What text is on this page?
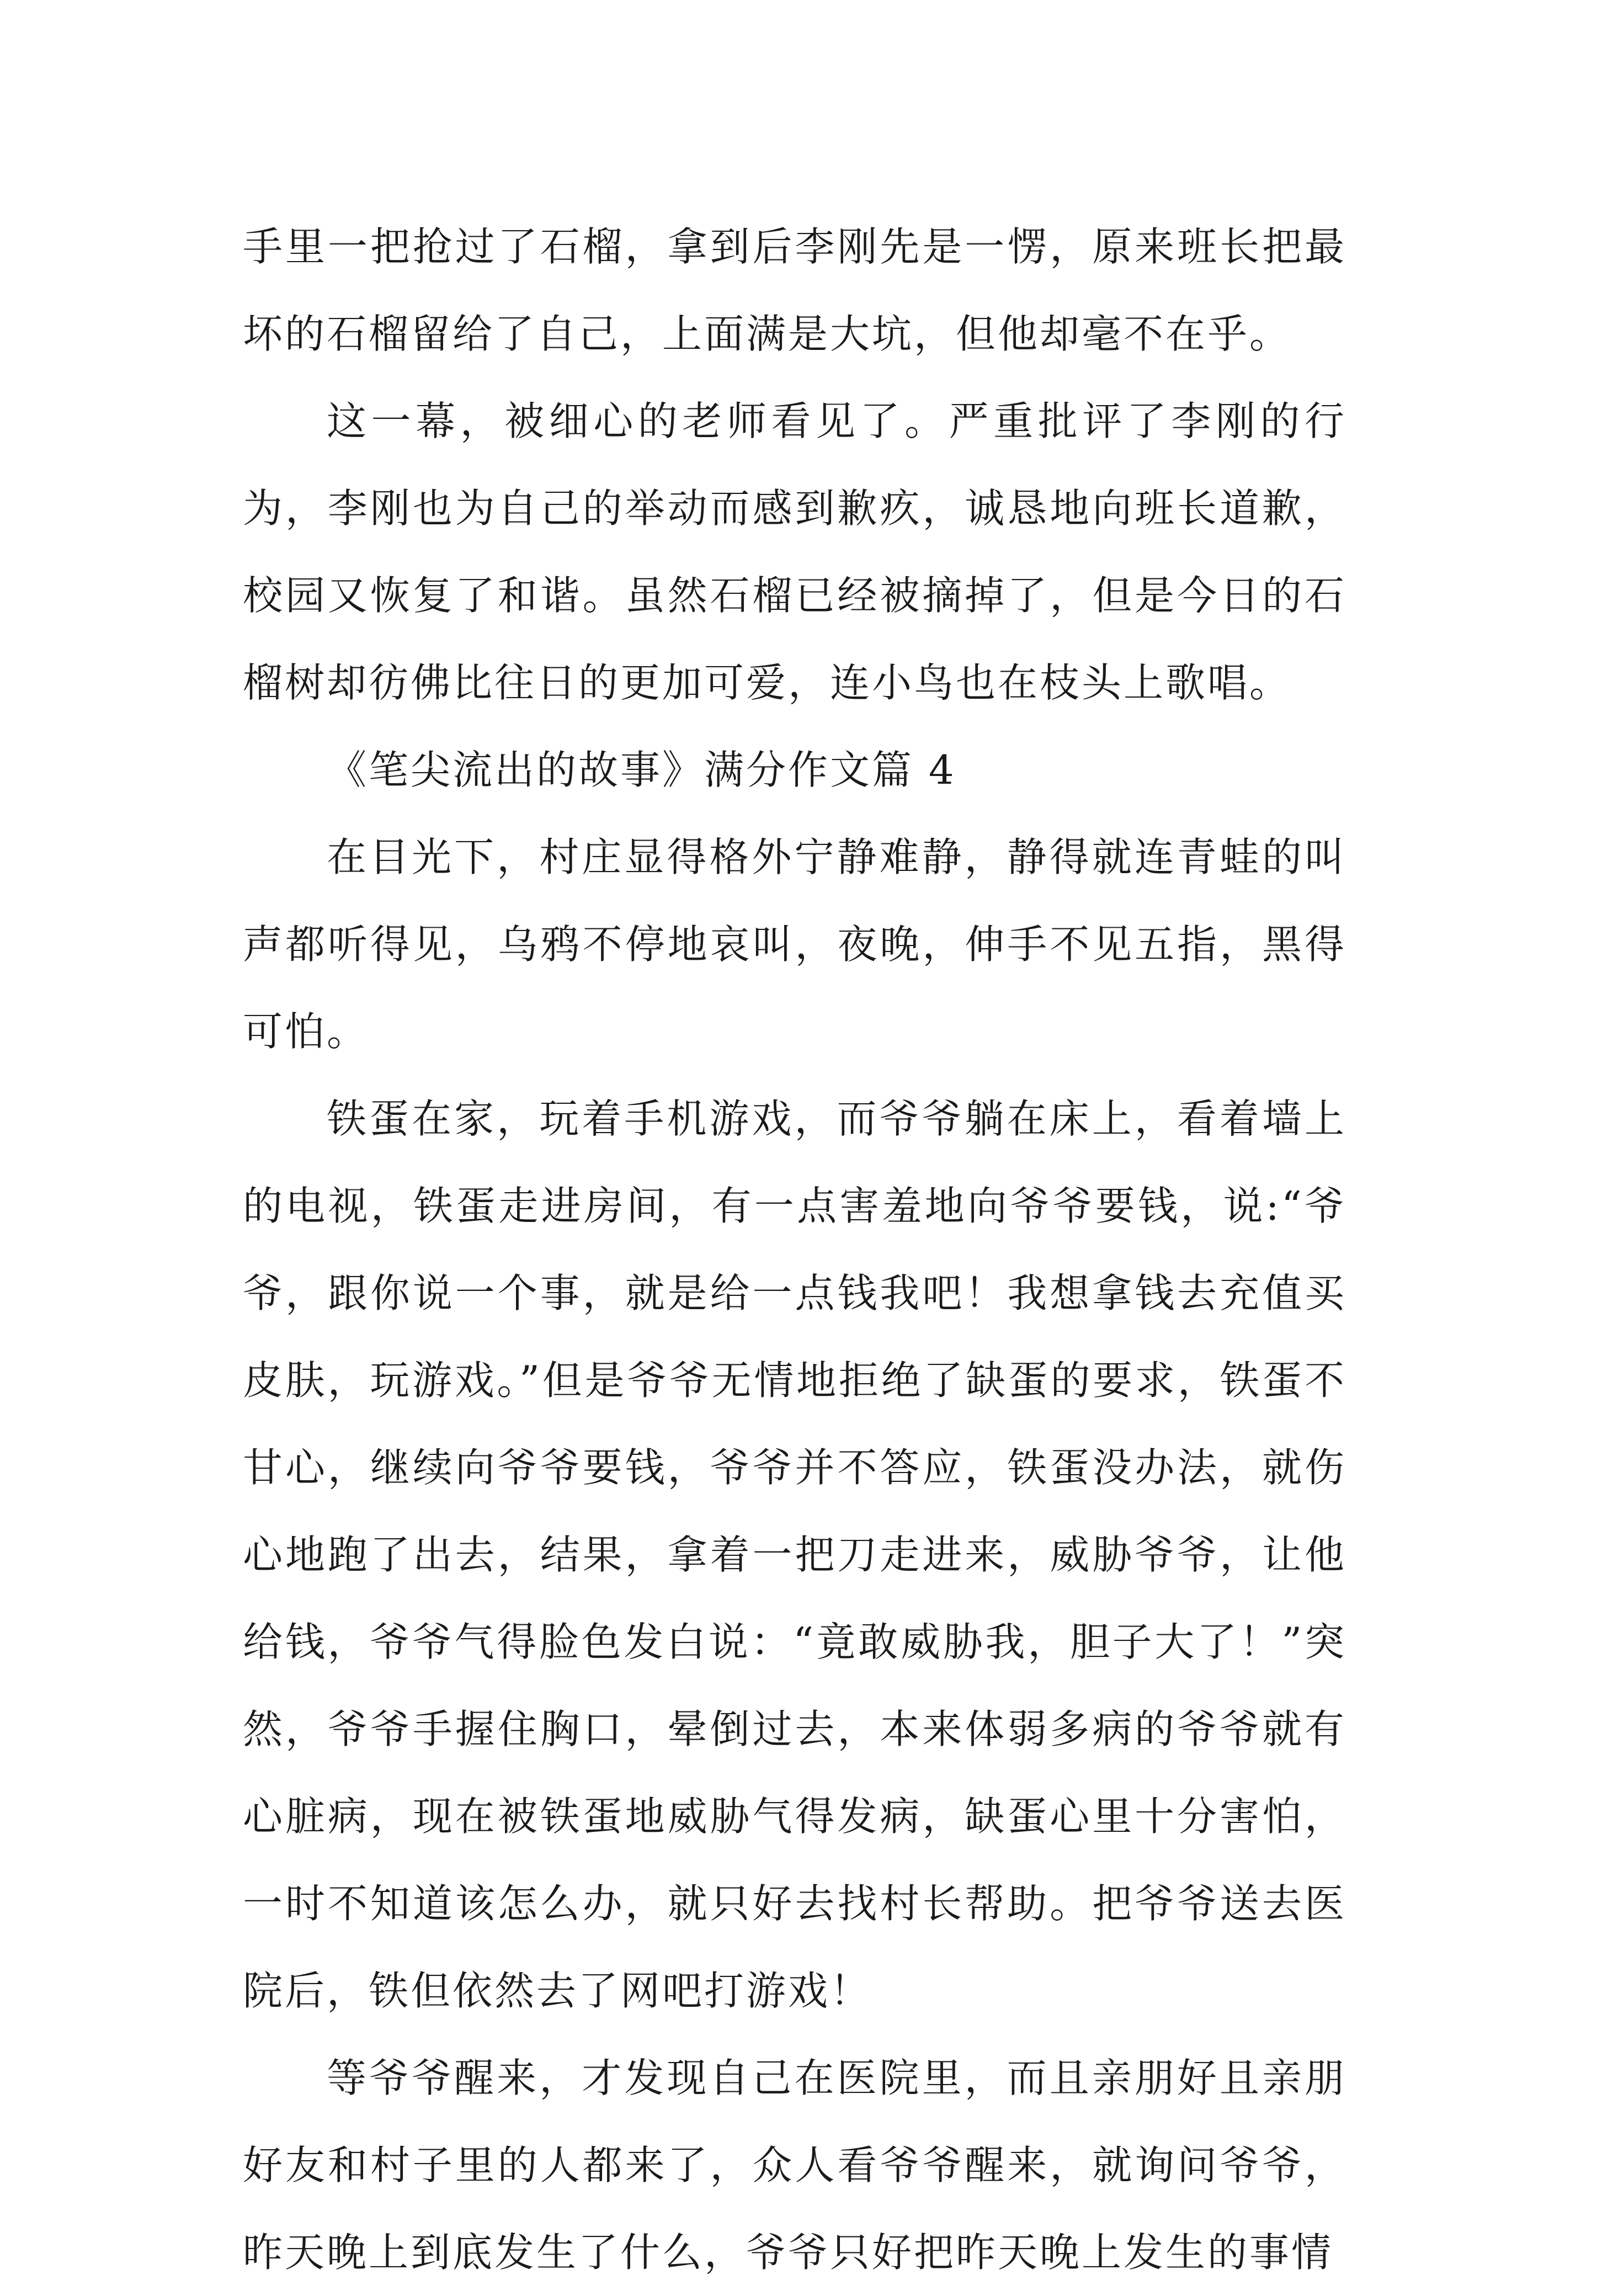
手里一把抢过了石榴，拿到后李刚先是一愣，原来班长把最坏的石榴留给了自己，上面满是大坑，但他却毫不在乎。

这一幕，被细心的老师看见了。严重批评了李刚的行为，李刚也为自己的举动而感到歉疚，诚恳地向班长道歉，校园又恢复了和谐。虽然石榴已经被摘掉了，但是今日的石榴树却彷佛比往日的更加可爱，连小鸟也在枝头上歌唱。

《笔尖流出的故事》满分作文篇 4

在目光下，村庄显得格外宁静难静，静得就连青蛙的叫声都听得见，乌鸦不停地哀叫，夜晚，伸手不见五指，黑得可怕。

铁蛋在家，玩着手机游戏，而爷爷躺在床上，看着墙上的电视，铁蛋走进房间，有一点害羞地向爷爷要钱，说:“爷爷，跟你说一个事，就是给一点钱我吧！我想拿钱去充值买皮肤，玩游戏。”但是爷爷无情地拒绝了缺蛋的要求，铁蛋不甘心，继续向爷爷要钱，爷爷并不答应，铁蛋没办法，就伤心地跑了出去，结果，拿着一把刀走进来，威胁爷爷，让他给钱，爷爷气得脸色发白说：“竟敢威胁我，胆子大了！”突然，爷爷手握住胸口，晕倒过去，本来体弱多病的爷爷就有心脏病，现在被铁蛋地威胁气得发病，缺蛋心里十分害怕，一时不知道该怎么办，就只好去找村长帮助。把爷爷送去医院后，铁但依然去了网吧打游戏！

等爷爷醒来，才发现自己在医院里，而且亲朋好且亲朋好友和村子里的人都来了，众人看爷爷醒来，就询问爷爷，昨天晚上到底发生了什么，爷爷只好把昨天晚上发生的事情
